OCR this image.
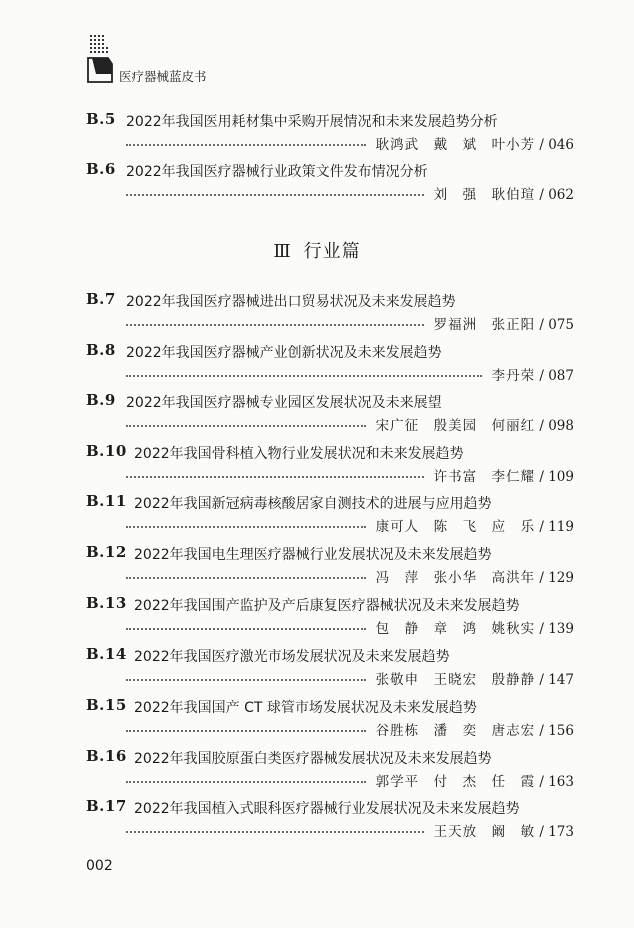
医疗器械蓝皮书
Ⅲ 行业篇
B.5 2022年我国医用耗材集中采购开展情况和未来发展趋势分析
耿鸿武　戴　斌　叶小芳 / 046
B.6 2022年我国医疗器械行业政策文件发布情况分析
刘　强　耿伯瑄 / 062
B.7 2022年我国医疗器械进出口贸易状况及未来发展趋势
罗福洲　张正阳 / 075
B.8 2022年我国医疗器械产业创新状况及未来发展趋势
李丹荣 / 087
B.9 2022年我国医疗器械专业园区发展状况及未来展望
宋广征　殷美园　何丽红 / 098
B.10 2022年我国骨科植入物行业发展状况和未来发展趋势
许书富　李仁耀 / 109
B.11 2022年我国新冠病毒核酸居家自测技术的进展与应用趋势
康可人　陈　飞　应　乐 / 119
B.12 2022年我国电生理医疗器械行业发展状况及未来发展趋势
冯　萍　张小华　高洪年 / 129
B.13 2022年我国围产监护及产后康复医疗器械状况及未来发展趋势
包　静　章　鸿　姚秋实 / 139
B.14 2022年我国医疗激光市场发展状况及未来发展趋势
张敬申　王晓宏　殷静静 / 147
B.15 2022年我国国产 CT 球管市场发展状况及未来发展趋势
谷胜栋　潘　奕　唐志宏 / 156
B.16 2022年我国胶原蛋白类医疗器械发展状况及未来发展趋势
郭学平　付　杰　任　霞 / 163
B.17 2022年我国植入式眼科医疗器械行业发展状况及未来发展趋势
王天放　阚　敏 / 173
002
